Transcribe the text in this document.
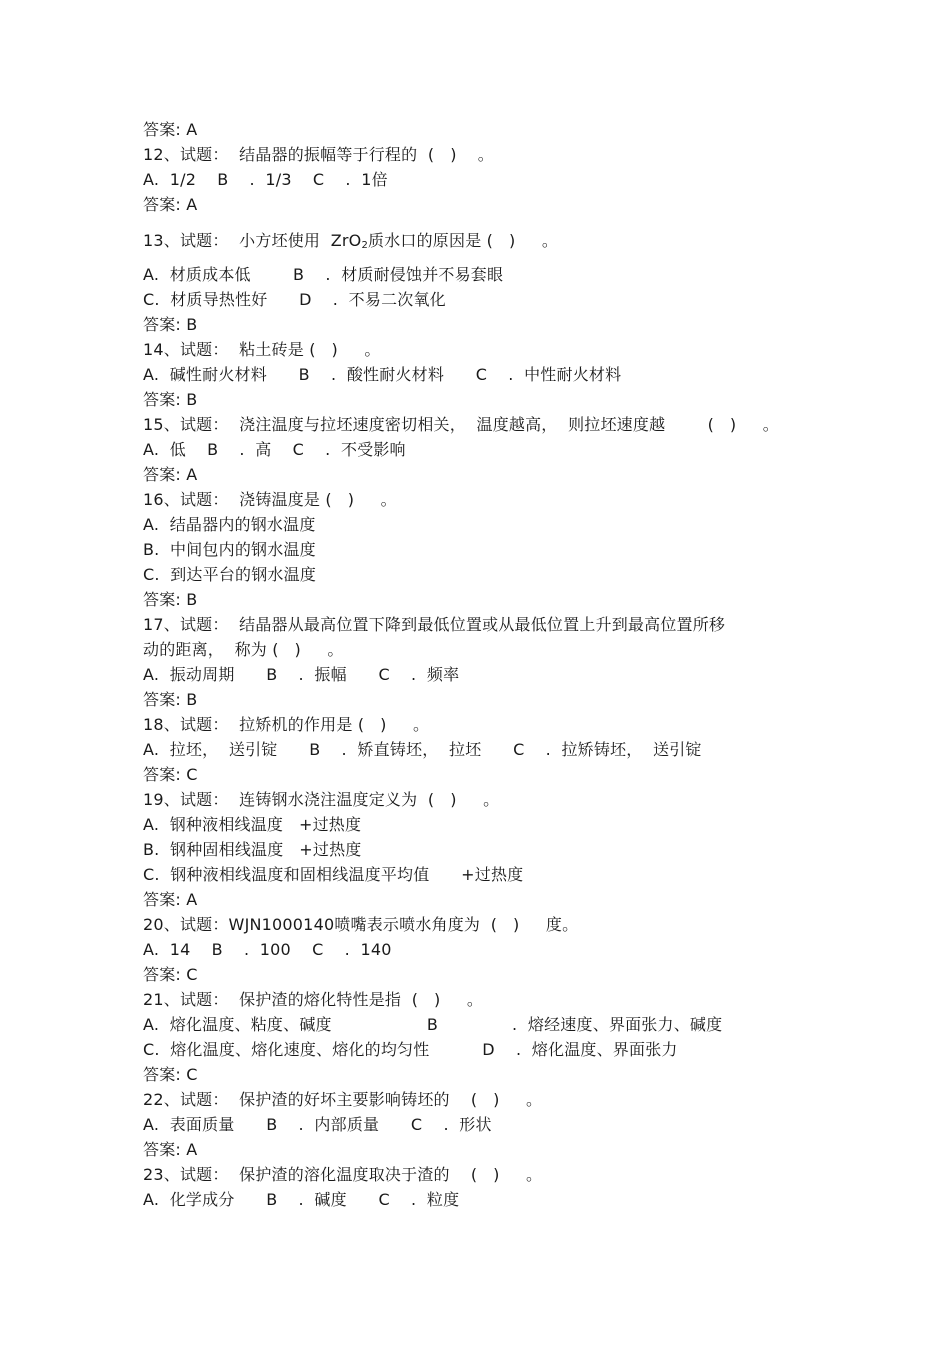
答案: A
12、试题：  结晶器的振幅等于行程的  (   )    。
A.  1/2    B    .  1/3    C    .  1倍
答案: A
13、试题：  小方坯使用  ZrO$_2$质水口的原因是 (   )     。
A.  材质成本低        B    .  材质耐侵蚀并不易套眼
C.  材质导热性好      D    .  不易二次氧化
答案: B
14、试题：  粘土砖是 (   )     。
A.  碱性耐火材料      B    .  酸性耐火材料      C    .  中性耐火材料
答案: B
15、试题：  浇注温度与拉坯速度密切相关，  温度越高，  则拉坯速度越        (   )     。
A.  低    B    .  高    C    .  不受影响
答案: A
16、试题：  浇铸温度是 (   )     。
A.  结晶器内的钢水温度
B.  中间包内的钢水温度
C.  到达平台的钢水温度
答案: B
17、试题：  结晶器从最高位置下降到最低位置或从最低位置上升到最高位置所移
动的距离，  称为 (   )     。
A.  振动周期      B    .  振幅      C    .  频率
答案: B
18、试题：  拉矫机的作用是 (   )     。
A.  拉坯，  送引锭      B    .  矫直铸坯，  拉坯      C    .  拉矫铸坯，  送引锭
答案: C
19、试题：  连铸钢水浇注温度定义为  (   )     。
A.  钢种液相线温度   +过热度
B.  钢种固相线温度   +过热度
C.  钢种液相线温度和固相线温度平均值      +过热度
答案: A
20、试题：WJN1000140喷嘴表示喷水角度为  (   )     度。
A.  14    B    .  100    C    .  140
答案: C
21、试题：  保护渣的熔化特性是指  (   )     。
A.  熔化温度、粘度、碱度                  B              .  熔经速度、界面张力、碱度
C.  熔化温度、熔化速度、熔化的均匀性          D    .  熔化温度、界面张力
答案: C
22、试题：  保护渣的好坏主要影响铸坯的    (   )     。
A.  表面质量      B    .  内部质量      C    .  形状
答案: A
23、试题：  保护渣的溶化温度取决于渣的    (   )     。
A.  化学成分      B    .  碱度      C    .  粒度
